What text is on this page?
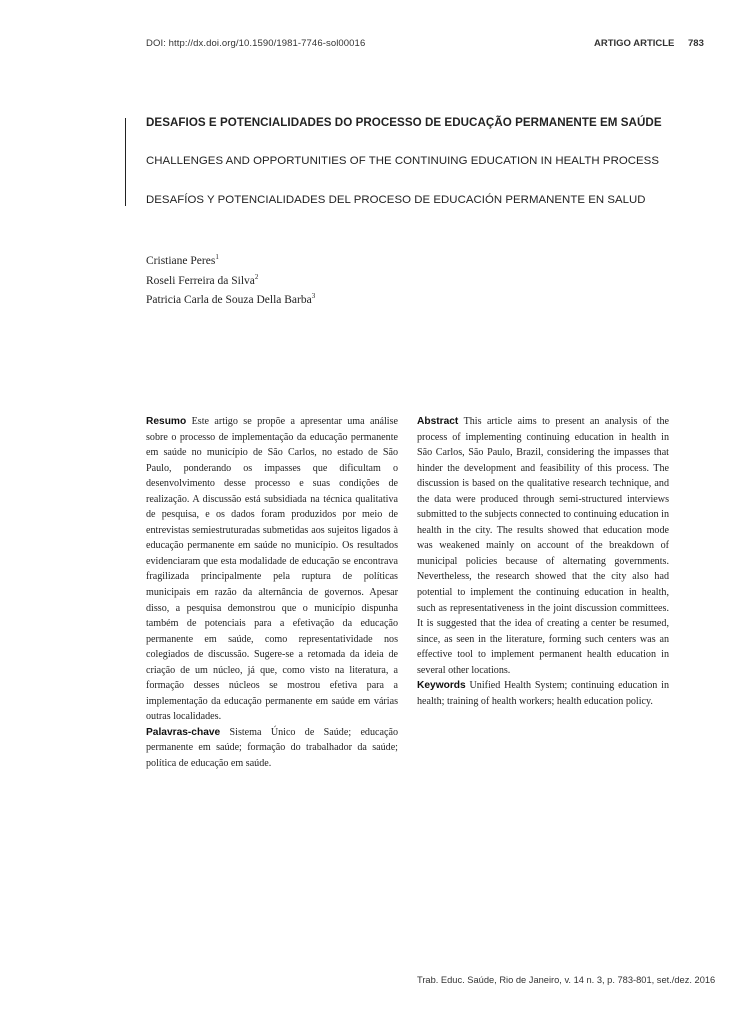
DOI: http://dx.doi.org/10.1590/1981-7746-sol00016	ARTIGO ARTICLE 783
DESAFIOS E POTENCIALIDADES DO PROCESSO DE EDUCAÇÃO PERMANENTE EM SAÚDE
CHALLENGES AND OPPORTUNITIES OF THE CONTINUING EDUCATION IN HEALTH PROCESS
DESAFÍOS Y POTENCIALIDADES DEL PROCESO DE EDUCACIÓN PERMANENTE EN SALUD
Cristiane Peres$^1$
Roseli Ferreira da Silva$^2$
Patricia Carla de Souza Della Barba$^3$

Resumo Este artigo se propõe a apresentar uma análise sobre o processo de implementação da educação permanente em saúde no município de São Carlos, no estado de São Paulo, ponderando os impasses que dificultam o desenvolvimento desse processo e suas condições de realização. A discussão está subsidiada na técnica qualitativa de pesquisa, e os dados foram produzidos por meio de entrevistas semiestruturadas submetidas aos sujeitos ligados à educação permanente em saúde no município. Os resultados evidenciaram que esta modalidade de educação se encontrava fragilizada principalmente pela ruptura de políticas municipais em razão da alternância de governos. Apesar disso, a pesquisa demonstrou que o município dispunha também de potenciais para a efetivação da educação permanente em saúde, como representatividade nos colegiados de discussão. Sugere-se a retomada da ideia de criação de um núcleo, já que, como visto na literatura, a formação desses núcleos se mostrou efetiva para a implementação da educação permanente em saúde em várias outras localidades.

Palavras-chave Sistema Único de Saúde; educação permanente em saúde; formação do trabalhador da saúde; política de educação em saúde.

Abstract This article aims to present an analysis of the process of implementing continuing education in health in São Carlos, São Paulo, Brazil, considering the impasses that hinder the development and feasibility of this process. The discussion is based on the qualitative research technique, and the data were produced through semi-structured interviews submitted to the subjects connected to continuing education in health in the city. The results showed that education mode was weakened mainly on account of the breakdown of municipal policies because of alternating governments. Nevertheless, the research showed that the city also had potential to implement the continuing education in health, such as representativeness in the joint discussion committees. It is suggested that the idea of creating a center be resumed, since, as seen in the literature, forming such centers was an effective tool to implement permanent health education in several other locations.

Keywords Unified Health System; continuing education in health; training of health workers; health education policy.

Trab. Educ. Saúde, Rio de Janeiro, v. 14 n. 3, p. 783-801, set./dez. 2016
